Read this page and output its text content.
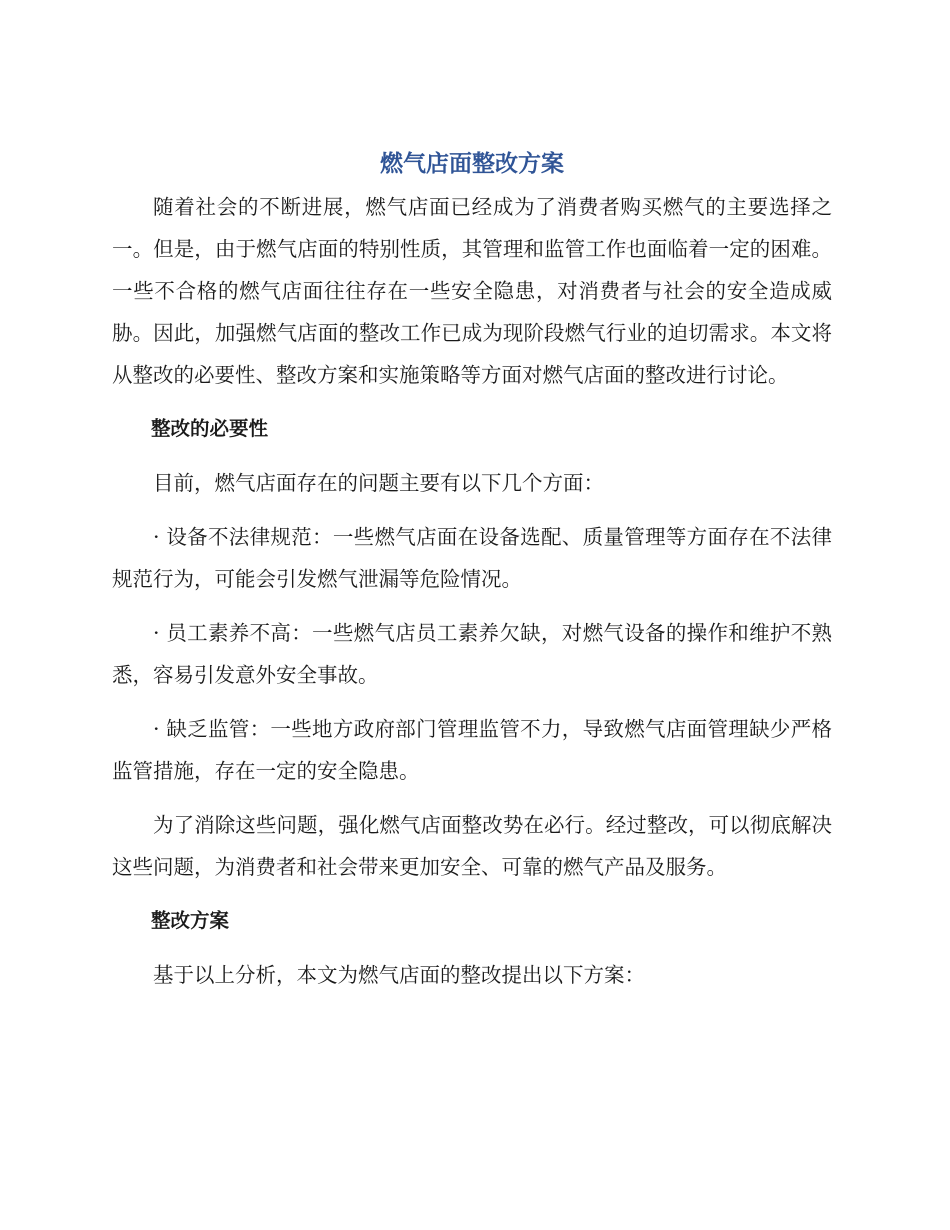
燃气店面整改方案

随着社会的不断进展，燃气店面已经成为了消费者购买燃气的主要选择之一。但是，由于燃气店面的特别性质，其管理和监管工作也面临着一定的困难。一些不合格的燃气店面往往存在一些安全隐患，对消费者与社会的安全造成威胁。因此，加强燃气店面的整改工作已成为现阶段燃气行业的迫切需求。本文将从整改的必要性、整改方案和实施策略等方面对燃气店面的整改进行讨论。

整改的必要性

目前，燃气店面存在的问题主要有以下几个方面：

· 设备不法律规范：一些燃气店面在设备选配、质量管理等方面存在不法律规范行为，可能会引发燃气泄漏等危险情况。

· 员工素养不高：一些燃气店员工素养欠缺，对燃气设备的操作和维护不熟悉，容易引发意外安全事故。

· 缺乏监管：一些地方政府部门管理监管不力，导致燃气店面管理缺少严格监管措施，存在一定的安全隐患。

为了消除这些问题，强化燃气店面整改势在必行。经过整改，可以彻底解决这些问题，为消费者和社会带来更加安全、可靠的燃气产品及服务。

整改方案

基于以上分析，本文为燃气店面的整改提出以下方案：
